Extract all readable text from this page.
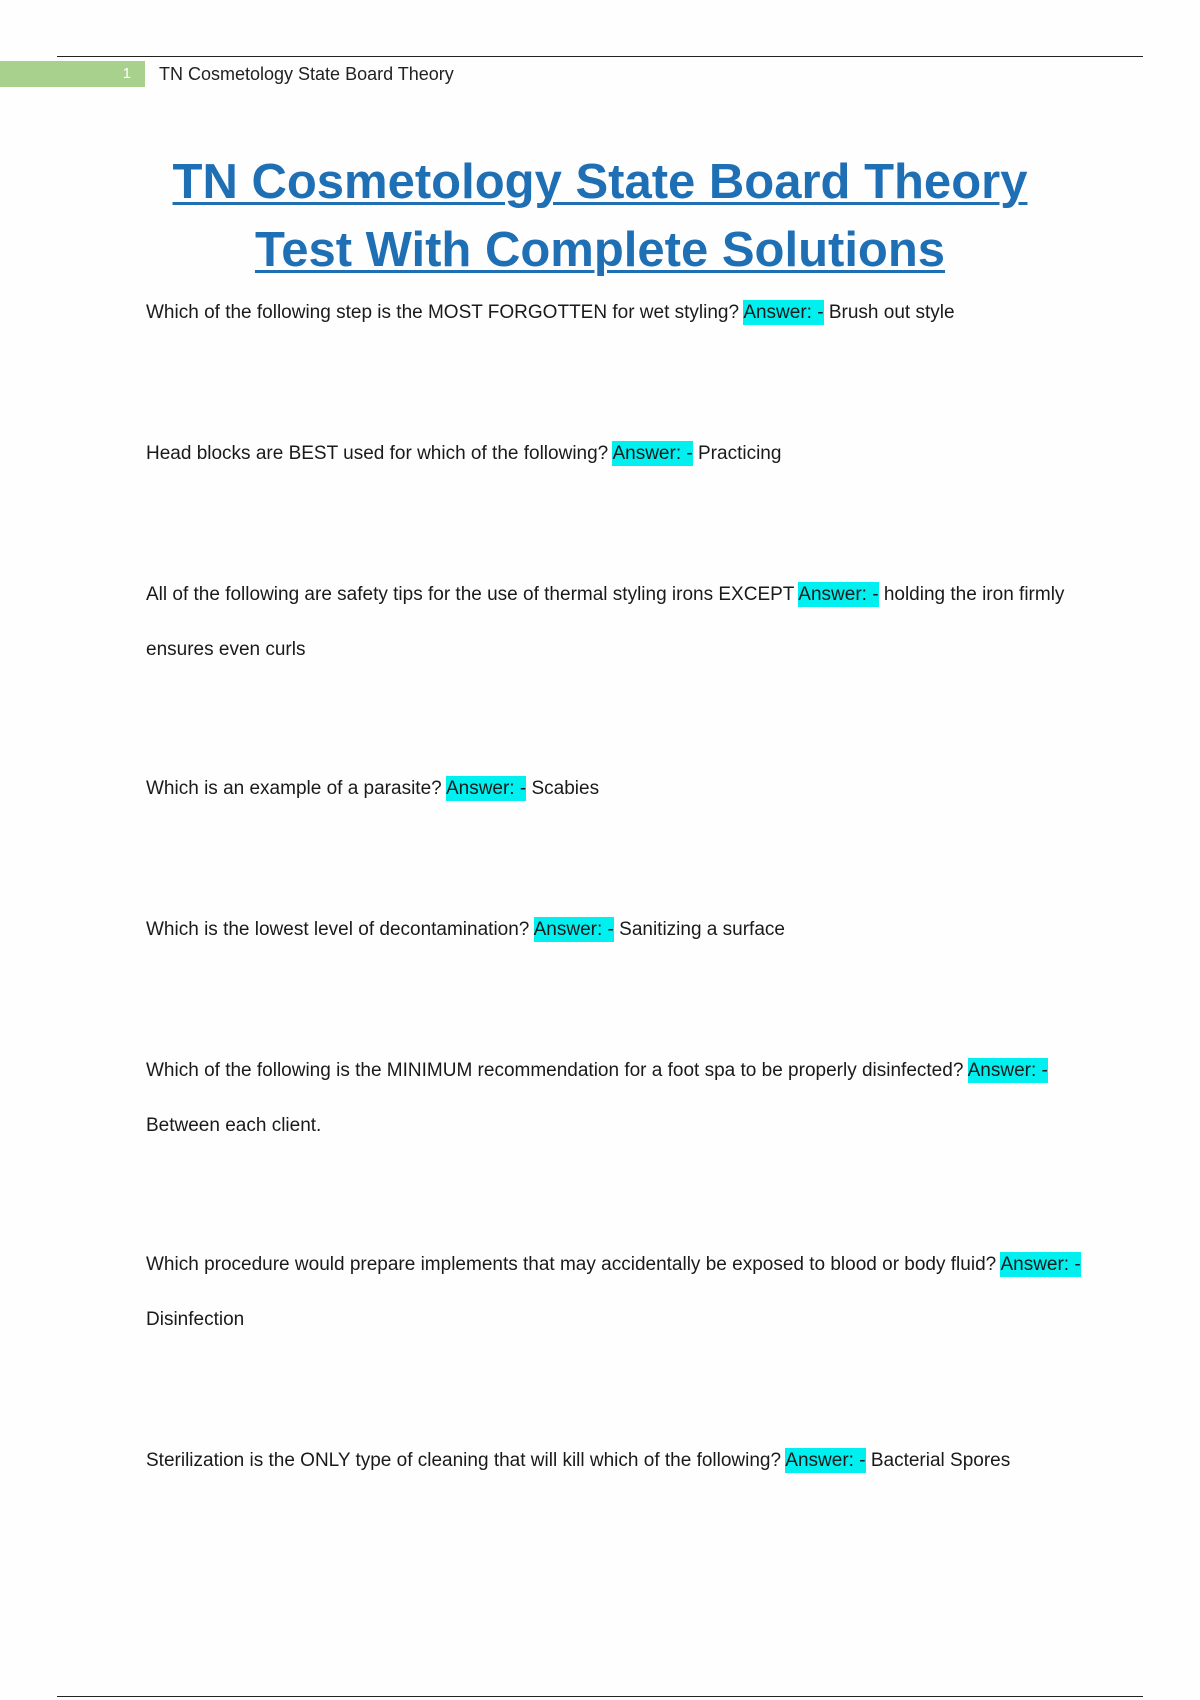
1	TN Cosmetology State Board Theory
TN Cosmetology State Board Theory
Test With Complete Solutions
Which of the following step is the MOST FORGOTTEN for wet styling? Answer: - Brush out style
Head blocks are BEST used for which of the following? Answer: - Practicing
All of the following are safety tips for the use of thermal styling irons EXCEPT Answer: - holding the iron firmly ensures even curls
Which is an example of a parasite? Answer: - Scabies
Which is the lowest level of decontamination? Answer: - Sanitizing a surface
Which of the following is the MINIMUM recommendation for a foot spa to be properly disinfected? Answer: - Between each client.
Which procedure would prepare implements that may accidentally be exposed to blood or body fluid? Answer: - Disinfection
Sterilization is the ONLY type of cleaning that will kill which of the following? Answer: - Bacterial Spores
